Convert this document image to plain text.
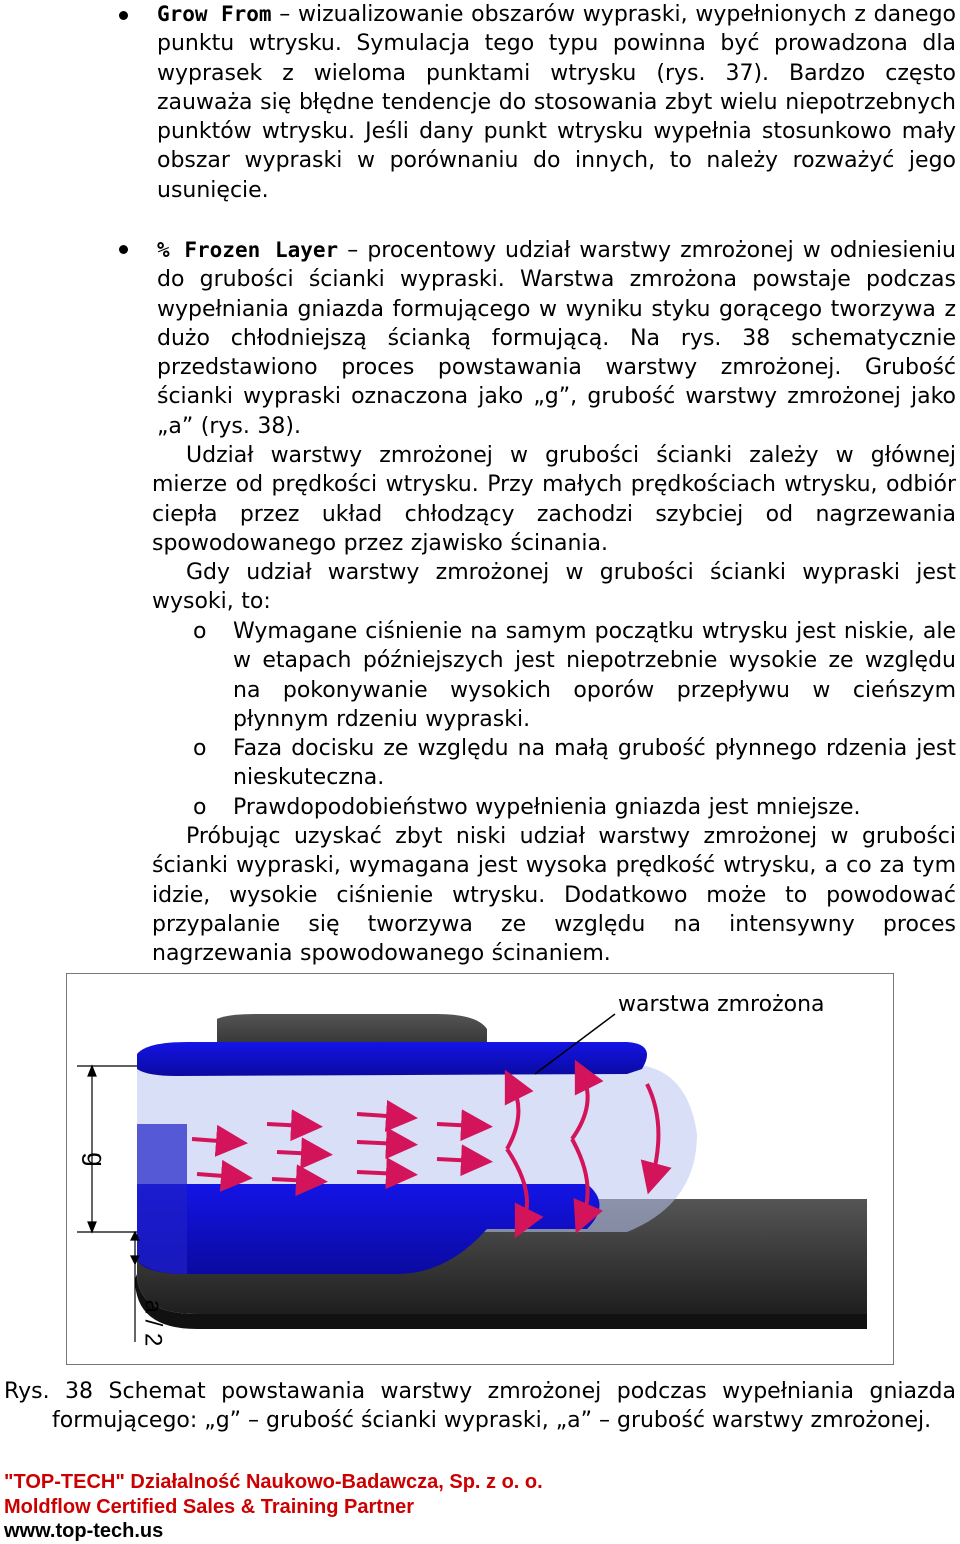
Grow From – wizualizowanie obszarów wypraski, wypełnionych z danego punktu wtrysku. Symulacja tego typu powinna być prowadzona dla wyprasek z wieloma punktami wtrysku (rys. 37). Bardzo często zauważa się błędne tendencje do stosowania zbyt wielu niepotrzebnych punktów wtrysku. Jeśli dany punkt wtrysku wypełnia stosunkowo mały obszar wypraski w porównaniu do innych, to należy rozważyć jego usunięcie.

% Frozen Layer – procentowy udział warstwy zmrożonej w odniesieniu do grubości ścianki wypraski. Warstwa zmrożona powstaje podczas wypełniania gniazda formującego w wyniku styku gorącego tworzywa z dużo chłodniejszą ścianką formującą. Na rys. 38 schematycznie przedstawiono proces powstawania warstwy zmrożonej. Grubość ścianki wypraski oznaczona jako „g”, grubość warstwy zmrożonej jako „a” (rys. 38).

Udział warstwy zmrożonej w grubości ścianki zależy w głównej mierze od prędkości wtrysku. Przy małych prędkościach wtrysku, odbiór ciepła przez układ chłodzący zachodzi szybciej od nagrzewania spowodowanego przez zjawisko ścinania.

Gdy udział warstwy zmrożonej w grubości ścianki wypraski jest wysoki, to:

o Wymagane ciśnienie na samym początku wtrysku jest niskie, ale w etapach późniejszych jest niepotrzebnie wysokie ze względu na pokonywanie wysokich oporów przepływu w cieńszym płynnym rdzeniu wypraski.

o Faza docisku ze względu na małą grubość płynnego rdzenia jest nieskuteczna.

o Prawdopodobieństwo wypełnienia gniazda jest mniejsze.

Próbując uzyskać zbyt niski udział warstwy zmrożonej w grubości ścianki wypraski, wymagana jest wysoka prędkość wtrysku, a co za tym idzie, wysokie ciśnienie wtrysku. Dodatkowo może to powodować przypalanie się tworzywa ze względu na intensywny proces nagrzewania spowodowanego ścinaniem.

warstwa zmrożona
g
a / 2

Rys. 38 Schemat powstawania warstwy zmrożonej podczas wypełniania gniazda formującego: „g” – grubość ścianki wypraski, „a” – grubość warstwy zmrożonej.

"TOP-TECH" Działalność Naukowo-Badawcza, Sp. z o. o.
Moldflow Certified Sales & Training Partner
www.top-tech.us
